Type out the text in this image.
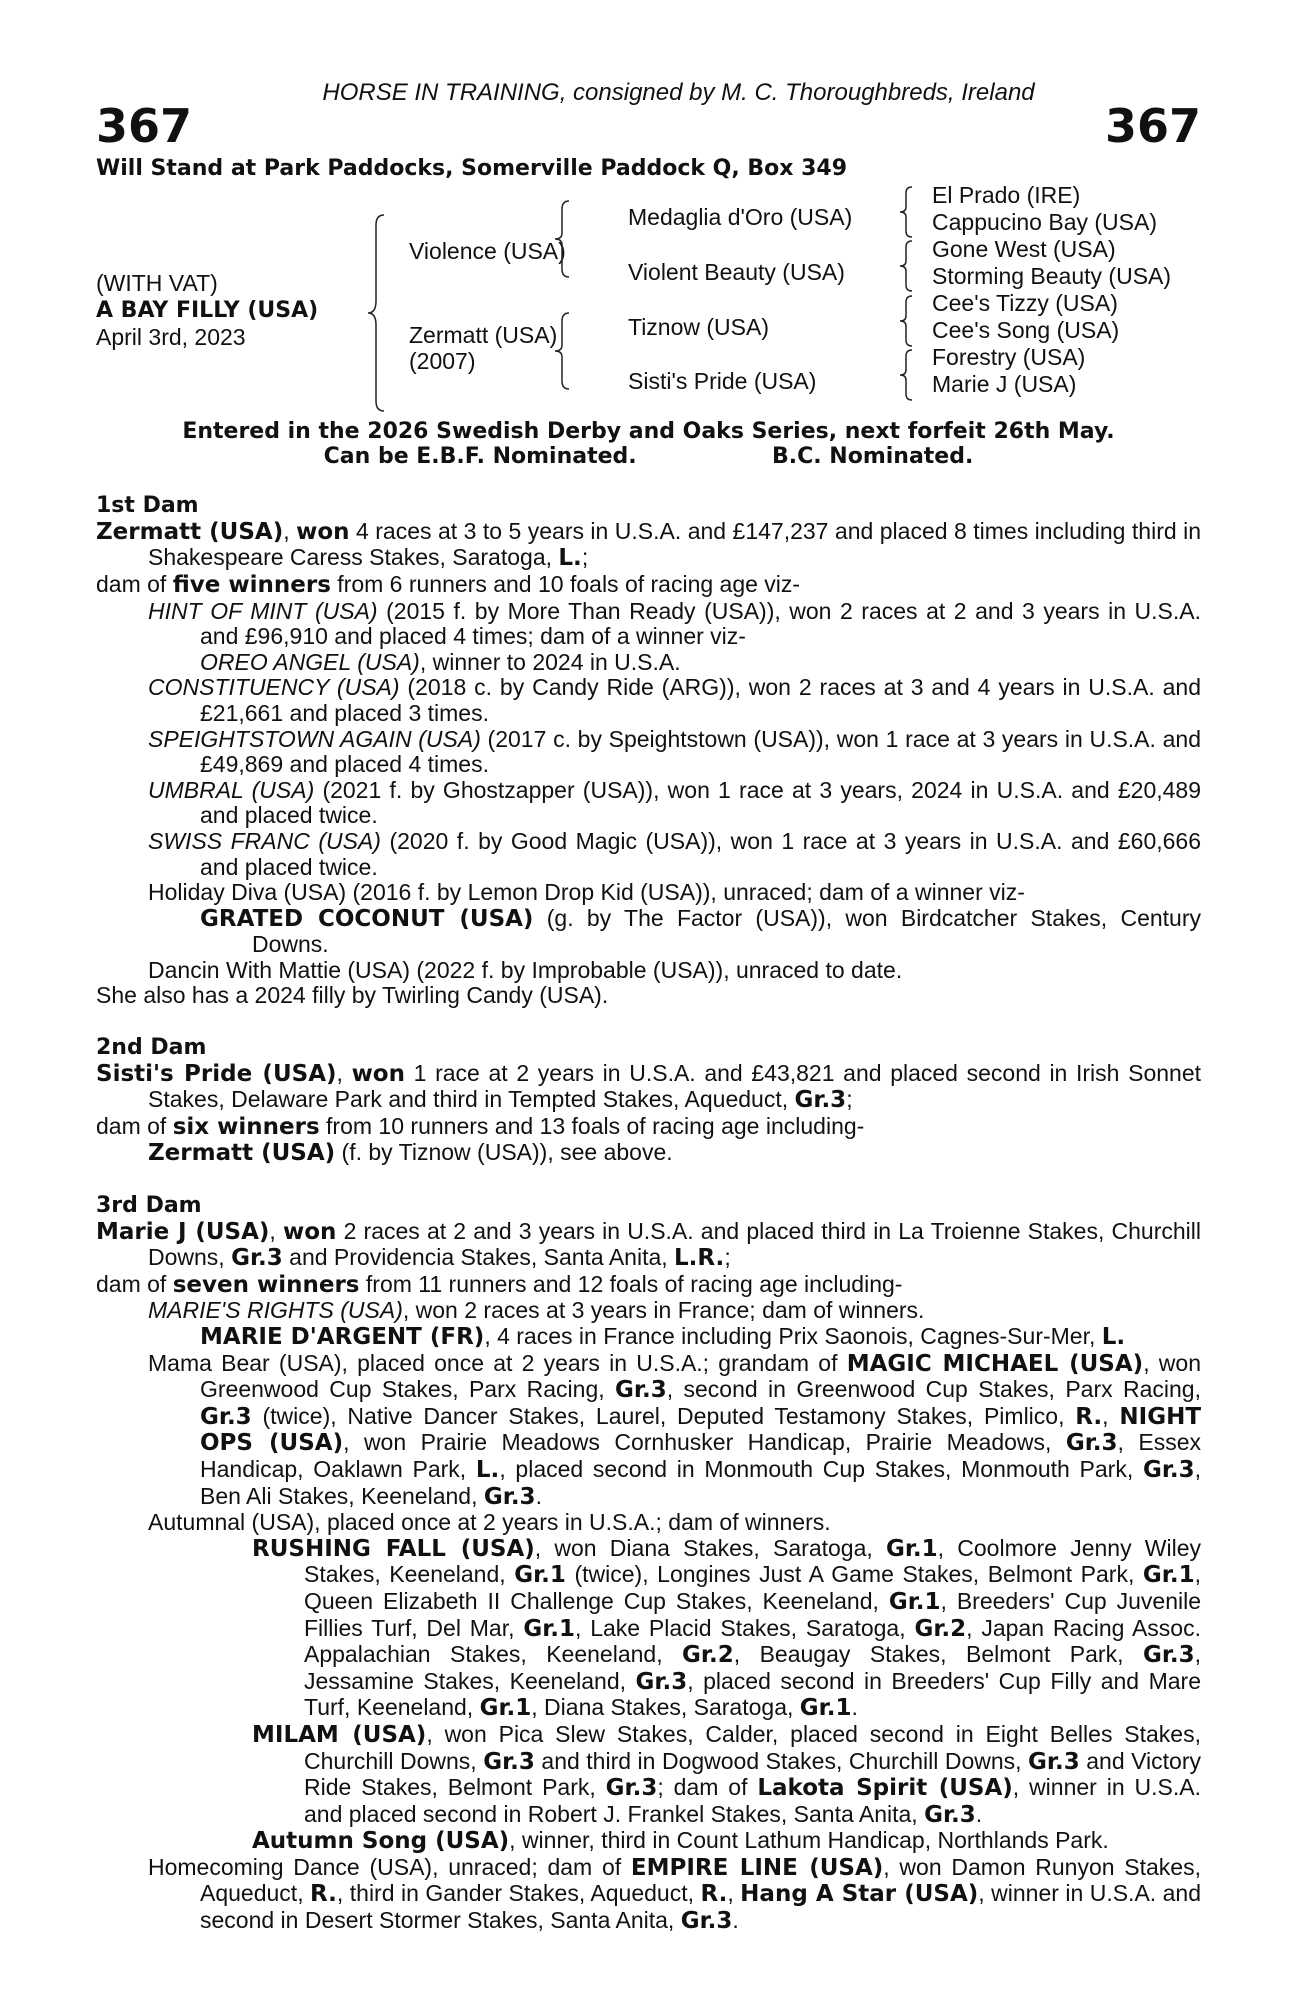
HORSE IN TRAINING, consigned by M. C. Thoroughbreds, Ireland
367	367
Will Stand at Park Paddocks, Somerville Paddock Q, Box 349
(WITH VAT)
A BAY FILLY (USA)
April 3rd, 2023
Violence (USA)
Zermatt (USA)
(2007)
Medaglia d'Oro (USA)
Violent Beauty (USA)
Tiznow (USA)
Sisti's Pride (USA)
El Prado (IRE)
Cappucino Bay (USA)
Gone West (USA)
Storming Beauty (USA)
Cee's Tizzy (USA)
Cee's Song (USA)
Forestry (USA)
Marie J (USA)
Entered in the 2026 Swedish Derby and Oaks Series, next forfeit 26th May.
Can be E.B.F. Nominated.	B.C. Nominated.
1st Dam

Zermatt (USA), won 4 races at 3 to 5 years in U.S.A. and £147,237 and placed 8 times including third in Shakespeare Caress Stakes, Saratoga, L.;

dam of five winners from 6 runners and 10 foals of racing age viz-

HINT OF MINT (USA) (2015 f. by More Than Ready (USA)), won 2 races at 2 and 3 years in U.S.A. and £96,910 and placed 4 times; dam of a winner viz-

OREO ANGEL (USA), winner to 2024 in U.S.A.

CONSTITUENCY (USA) (2018 c. by Candy Ride (ARG)), won 2 races at 3 and 4 years in U.S.A. and £21,661 and placed 3 times.

SPEIGHTSTOWN AGAIN (USA) (2017 c. by Speightstown (USA)), won 1 race at 3 years in U.S.A. and £49,869 and placed 4 times.

UMBRAL (USA) (2021 f. by Ghostzapper (USA)), won 1 race at 3 years, 2024 in U.S.A. and £20,489 and placed twice.

SWISS FRANC (USA) (2020 f. by Good Magic (USA)), won 1 race at 3 years in U.S.A. and £60,666 and placed twice.

Holiday Diva (USA) (2016 f. by Lemon Drop Kid (USA)), unraced; dam of a winner viz-

GRATED COCONUT (USA) (g. by The Factor (USA)), won Birdcatcher Stakes, Century Downs.

Dancin With Mattie (USA) (2022 f. by Improbable (USA)), unraced to date.

She also has a 2024 filly by Twirling Candy (USA).

2nd Dam

Sisti's Pride (USA), won 1 race at 2 years in U.S.A. and £43,821 and placed second in Irish Sonnet Stakes, Delaware Park and third in Tempted Stakes, Aqueduct, Gr.3;

dam of six winners from 10 runners and 13 foals of racing age including-

Zermatt (USA) (f. by Tiznow (USA)), see above.

3rd Dam

Marie J (USA), won 2 races at 2 and 3 years in U.S.A. and placed third in La Troienne Stakes, Churchill Downs, Gr.3 and Providencia Stakes, Santa Anita, L.R.;

dam of seven winners from 11 runners and 12 foals of racing age including-

MARIE'S RIGHTS (USA), won 2 races at 3 years in France; dam of winners.

MARIE D'ARGENT (FR), 4 races in France including Prix Saonois, Cagnes-Sur-Mer, L.

Mama Bear (USA), placed once at 2 years in U.S.A.; grandam of MAGIC MICHAEL (USA), won Greenwood Cup Stakes, Parx Racing, Gr.3, second in Greenwood Cup Stakes, Parx Racing, Gr.3 (twice), Native Dancer Stakes, Laurel, Deputed Testamony Stakes, Pimlico, R., NIGHT OPS (USA), won Prairie Meadows Cornhusker Handicap, Prairie Meadows, Gr.3, Essex Handicap, Oaklawn Park, L., placed second in Monmouth Cup Stakes, Monmouth Park, Gr.3, Ben Ali Stakes, Keeneland, Gr.3.

Autumnal (USA), placed once at 2 years in U.S.A.; dam of winners.

RUSHING FALL (USA), won Diana Stakes, Saratoga, Gr.1, Coolmore Jenny Wiley Stakes, Keeneland, Gr.1 (twice), Longines Just A Game Stakes, Belmont Park, Gr.1, Queen Elizabeth II Challenge Cup Stakes, Keeneland, Gr.1, Breeders' Cup Juvenile Fillies Turf, Del Mar, Gr.1, Lake Placid Stakes, Saratoga, Gr.2, Japan Racing Assoc. Appalachian Stakes, Keeneland, Gr.2, Beaugay Stakes, Belmont Park, Gr.3, Jessamine Stakes, Keeneland, Gr.3, placed second in Breeders' Cup Filly and Mare Turf, Keeneland, Gr.1, Diana Stakes, Saratoga, Gr.1.

MILAM (USA), won Pica Slew Stakes, Calder, placed second in Eight Belles Stakes, Churchill Downs, Gr.3 and third in Dogwood Stakes, Churchill Downs, Gr.3 and Victory Ride Stakes, Belmont Park, Gr.3; dam of Lakota Spirit (USA), winner in U.S.A. and placed second in Robert J. Frankel Stakes, Santa Anita, Gr.3.

Autumn Song (USA), winner, third in Count Lathum Handicap, Northlands Park.

Homecoming Dance (USA), unraced; dam of EMPIRE LINE (USA), won Damon Runyon Stakes, Aqueduct, R., third in Gander Stakes, Aqueduct, R., Hang A Star (USA), winner in U.S.A. and second in Desert Stormer Stakes, Santa Anita, Gr.3.
